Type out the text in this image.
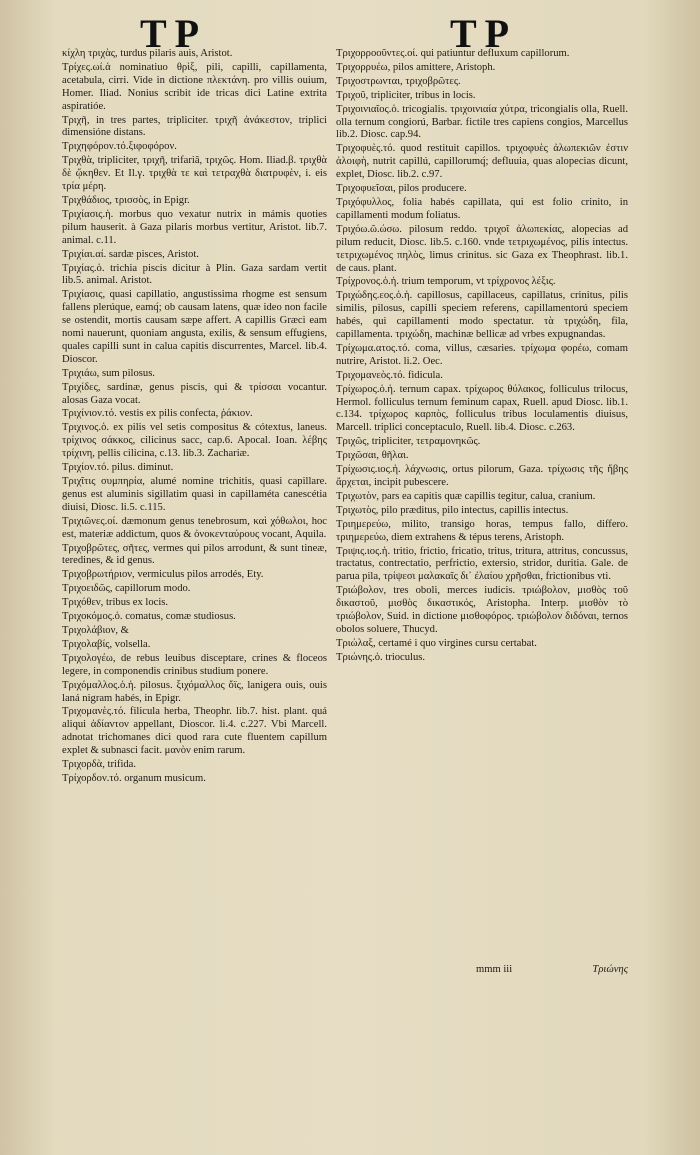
TP	TP

κίχλη τριχὰς, turdus pilaris auis, Aristot.

Τρίχες.ωί.ἁ nominatiuo θρὶξ, pili, capilli, capillamenta, acetabula, cirri. Vide in dictione πλεκτάνη. pro villis ouium, Homer. Iliad. Nonius scribit ide tricas dici Latine extrita aspiratióe.

Τριχῆ, in tres partes, tripliciter. τριχῆ ἀνάκεστον, triplici dimensióne distans.

Τριχηφόρον.τό.ξιφοφόρον.

Τριχθὰ, tripliciter, τριχῆ, trifariâ, τριχῶς. Hom. Iliad.β. τριχθὰ δὲ ᾤκηθεν. Et Il.γ. τριχθὰ τε καὶ τετραχθὰ διατρυφὲν, i. eis τρία μέρη.

Τριχθάδιος, τρισσὸς, in Epigr.

Τριχίασις.ἡ. morbus quo vexatur nutrix in mámis quoties pilum hauserit. à Gaza pilaris morbus vertitur, Aristot. lib.7. animal. c.11.

Τριχίαι.αί. sardæ pisces, Aristot.

Τριχίας.ὁ. trichia piscis dicitur à Plin. Gaza sardam vertit lib.5. animal. Aristot.

Τριχίασις, quasi capillatio, angustissima rhogme est sensum fallens plerúque, eamq́; ob causam latens, quæ ideo non facile se ostendit, mortis causam sæpe affert. A capillis Græci eam nomi nauerunt, quoniam angusta, exilis, & sensum effugiens, quales capilli sunt in calua capitis discurrentes, Marcel. lib.4. Dioscor.

Τριχιάω, sum pilosus.

Τριχίδες, sardinæ, genus piscis, qui & τρίσσαι vocantur. alosas Gaza vocat.

Τριχίνιον.τό. vestis ex pilis confecta, ῥάκιον.

Τριχινος.ὁ. ex pilis vel setis compositus & cótextus, laneus. τρίχινος σάκκος, cilicinus sacc, cap.6. Apocal. Ioan. λέβης τρίχινη, pellis cilicina, c.13. lib.3. Zachariæ.

Τριχίον.τό. pilus. diminut.

Τριχῖτις συμπηρία, alumé nomine trichitis, quasi capillare. genus est aluminis sigillatim quasi in capillaméta canescétia diuisi, Diosc. li.5. c.115.

Τριχιῶνες.οί. dæmonum genus tenebrosum, καὶ χόθωλοι, hoc est, materiæ addictum, quos & ὀνοκενταύρους vocant, Aquila.

Τριχοβρῶτες, σῆτες, vermes qui pilos arrodunt, & sunt tineæ, teredines, & id genus.

Τριχοβρωτήριον, vermiculus pilos arrodés, Ety.

Τριχοειδῶς, capillorum modo.

Τριχόθεν, tribus ex locis.

Τριχοκόμος.ὁ. comatus, comæ studiosus.

Τριχολάβιον, &

Τριχολαβίς, volsella.

Τριχολογέω, de rebus leuibus disceptare, crines & floceos legere, in componendis crinibus studium ponere.

Τριχόμαλλος.ὁ.ἡ. pilosus. ξιχόμαλλος ὄϊς, lanigera ouis, ouis laná nigram habés, in Epigr.

Τριχομανὲς.τό. filicula herba, Theophr. lib.7. hist. plant. quá aliqui ἀδίαντον appellant, Dioscor. li.4. c.227. Vbi Marcell. adnotat trichomanes dici quod rara cute fluentem capillum explet & subnasci facit. μανὸν enim rarum.

Τριχορδὰ, trifida.

Τρίχορδον.τό. organum musicum.

Τριχορροοῦντες.οί. qui patiuntur defluxum capillorum.

Τριχορρυέω, pilos amittere, Aristoph.

Τριχοστρωνται, τριχοβρῶτες.

Τριχοῦ, tripliciter, tribus in locis.

Τριχοινιαῖος.ὁ. tricogialis. τριχοινιαία χύτρα, tricongialis olla, Ruell. olla ternum congiorú, Barbar. fictile tres capiens congios, Marcellus lib.2. Diosc. cap.94.

Τριχοφυὲς.τό. quod restituit capillos. τριχοφυὲς ἀλωπεκιῶν ἐστιν ἀλοιφὴ, nutrit capillú, capillorumq́; defluuia, quas alopecias dicunt, explet, Diosc. lib.2. c.97.

Τριχοφυεῖσαι, pilos producere.

Τριχόφυλλος, folia habés capillata, qui est folio crinito, in capillamenti modum foliatus.

Τριχόω.ῶ.ώσω. pilosum reddo. τριχοῖ ἀλωπεκίας, alopecias ad pilum reducit, Diosc. lib.5. c.160. vnde τετριχωμένος, pilis intectus. τετριχωμένος πηλὸς, limus crinitus. sic Gaza ex Theophrast. lib.1. de caus. plant.

Τρίχρονος.ὁ.ἡ. trium temporum, vt τρίχρονος λέξις.

Τριχώδης.εος.ὁ.ἡ. capillosus, capillaceus, capillatus, crinitus, pilis similis, pilosus, capilli speciem referens, capillamentorú speciem habés, qui capillamenti modo spectatur. τὰ τριχώδη, fila, capillamenta. τριχώδη, machinæ bellicæ ad vrbes expugnandas.

Τρίχωμα.ατος.τό. coma, villus, cæsaries. τρίχωμα φορέω, comam nutrire, Aristot. li.2. Oec.

Τριχομανεὸς.τό. fidicula.

Τρίχωρος.ὁ.ἡ. ternum capax. τρίχωρος θύλακος, folliculus trilocus, Hermol. folliculus ternum feminum capax, Ruell. apud Diosc. lib.1. c.134. τρίχωρος καρπὸς, folliculus tribus loculamentis diuisus, Marcell. triplici conceptaculo, Ruell. lib.4. Diosc. c.263.

Τριχῶς, tripliciter, τετραμονηκῶς.

Τριχῶσαι, θῆλαι.

Τρίχωσις.ιος.ἡ. λάχνωσις, ortus pilorum, Gaza. τρίχωσις τῆς ἥβης ἄρχεται, incipit pubescere.

Τριχωτὸν, pars ea capitis quæ capillis tegitur, calua, cranium.

Τριχωτὸς, pilo præditus, pilo intectus, capillis intectus.

Τριημερεύω, milito, transigo horas, tempus fallo, differo. τριημερεύω, diem extrahens & tépus terens, Aristoph.

Τριψις.ιος.ἡ. tritio, frictio, fricatio, tritus, tritura, attritus, concussus, tractatus, contrectatio, perfrictio, extersio, stridor, duritia. Gale. de parua pila, τρίψεσι μαλακαῖς δι᾽ ἐλαίου χρῆσθαι, frictionibus vti.

Τριώβολον, tres oboli, merces iudicis. τριώβολον, μισθὸς τοῦ δικαστοῦ, μισθὸς δικαστικός, Aristopha. Interp. μισθὸν τὸ τριώβολον, Suid. in dictione μισθοφόρος. τριώβολον διδόναι, ternos obolos soluere, Thucyd.

Τριώλαξ, certamé i quo virgines cursu certabat.

Τριώνης.ὁ. trioculus.

mmm iii	Τριώνης
